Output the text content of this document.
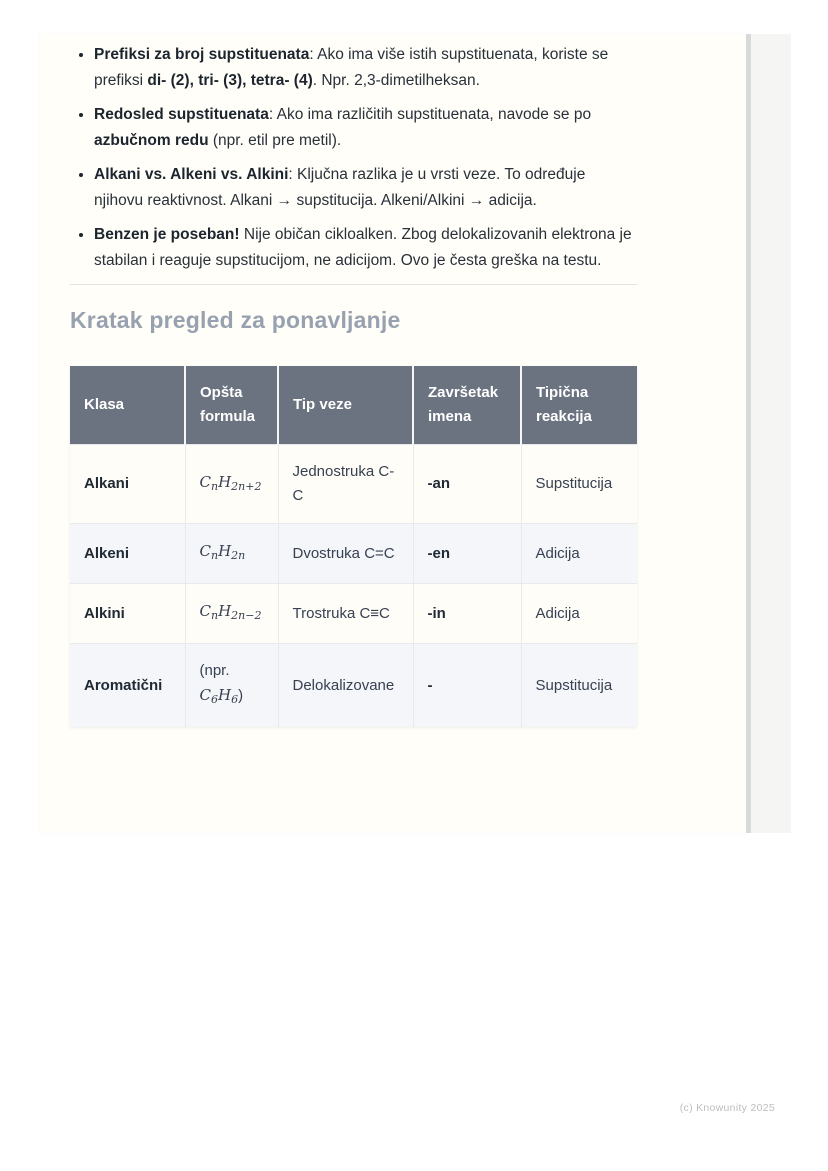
• Prefiksi za broj supstituenata: Ako ima više istih supstituenata, koriste se prefiksi di- (2), tri- (3), tetra- (4). Npr. 2,3-dimetilheksan.
• Redosled supstituenata: Ako ima različitih supstituenata, navode se po azbučnom redu (npr. etil pre metil).
• Alkani vs. Alkeni vs. Alkini: Ključna razlika je u vrsti veze. To određuje njihovu reaktivnost. Alkani → supstitucija. Alkeni/Alkini → adicija.
• Benzen je poseban! Nije običan cikloalken. Zbog delokalizovanih elektrona je stabilan i reaguje supstitucijom, ne adicijom. Ovo je česta greška na testu.
Kratak pregled za ponavljanje
Klasa	Opšta formula	Tip veze	Završetak imena	Tipična reakcija
Alkani	$C_nH_{2n+2}$	Jednostruka C-C	-an	Supstitucija
Alkeni	$C_nH_{2n}$	Dvostruka C=C	-en	Adicija
Alkini	$C_nH_{2n-2}$	Trostruka C≡C	-in	Adicija
Aromatični	(npr. $C_6H_6$)	Delokalizovane	-	Supstitucija
(c) Knowunity 2025
